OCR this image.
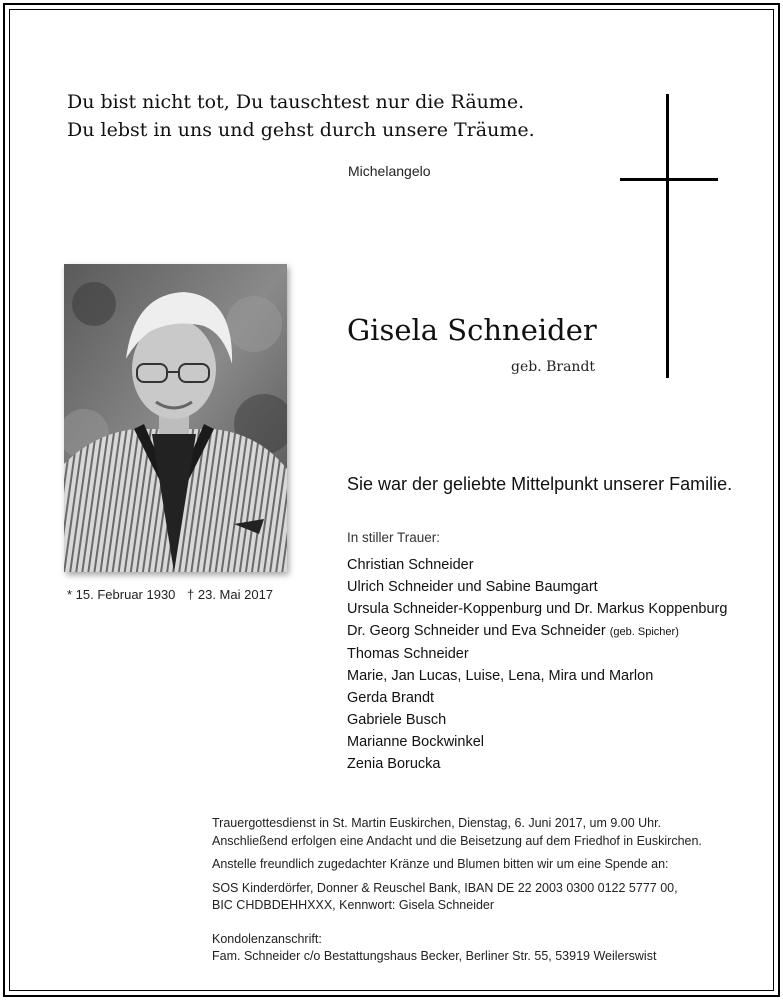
Du bist nicht tot, Du tauschtest nur die Räume.
Du lebst in uns und gehst durch unsere Träume.
Michelangelo
Gisela Schneider
geb. Brandt
* 15. Februar 1930 † 23. Mai 2017
Sie war der geliebte Mittelpunkt unserer Familie.
In stiller Trauer:
Christian Schneider
Ulrich Schneider und Sabine Baumgart
Ursula Schneider-Koppenburg und Dr. Markus Koppenburg
Dr. Georg Schneider und Eva Schneider (geb. Spicher)
Thomas Schneider
Marie, Jan Lucas, Luise, Lena, Mira und Marlon
Gerda Brandt
Gabriele Busch
Marianne Bockwinkel
Zenia Borucka
Trauergottesdienst in St. Martin Euskirchen, Dienstag, 6. Juni 2017, um 9.00 Uhr.
Anschließend erfolgen eine Andacht und die Beisetzung auf dem Friedhof in Euskirchen.
Anstelle freundlich zugedachter Kränze und Blumen bitten wir um eine Spende an:
SOS Kinderdörfer, Donner & Reuschel Bank, IBAN DE 22 2003 0300 0122 5777 00,
BIC CHDBDEHHXXX, Kennwort: Gisela Schneider
Kondolenzanschrift:
Fam. Schneider c/o Bestattungshaus Becker, Berliner Str. 55, 53919 Weilerswist
